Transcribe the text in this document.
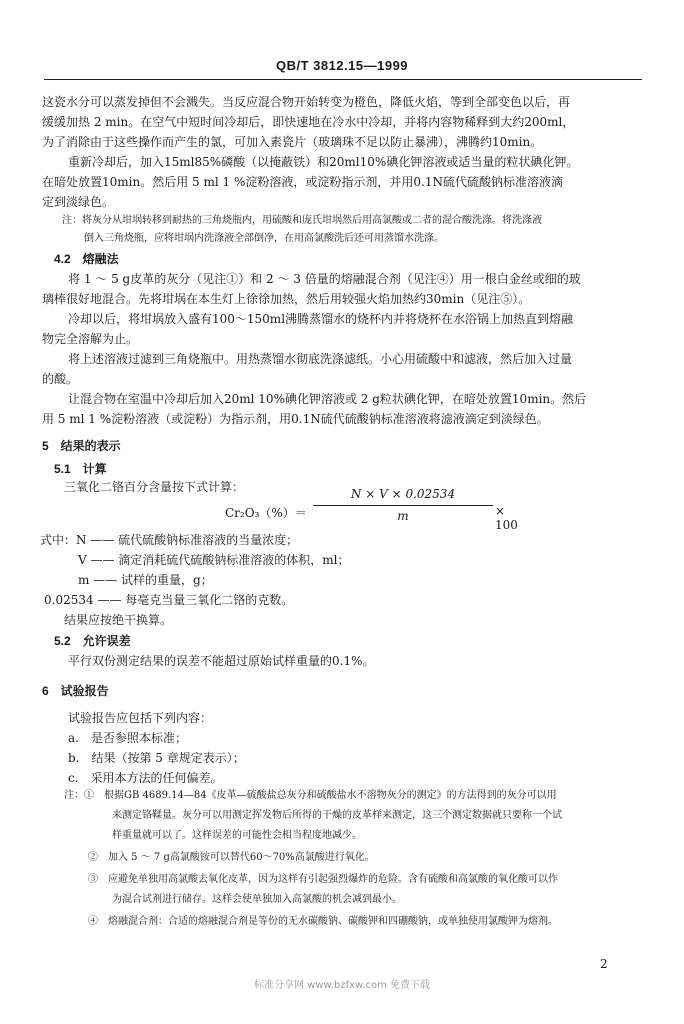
QB/T 3812.15—1999
这瓷水分可以蒸发掉但不会溅失。当反应混合物开始转变为橙色，降低火焰，等到全部变色以后，再
缓缓加热 2 min。在空气中短时间冷却后，即快速地在冷水中冷却，并将内容物稀释到大约200ml，
为了消除由于这些操作而产生的氯，可加入素瓷片（玻璃珠不足以防止暴沸），沸腾约10min。
重新冷却后，加入15ml85%磷酸（以掩蔽铁）和20ml10%碘化钾溶液或适当量的粒状碘化钾。
在暗处放置10min。然后用 5 ml 1 %淀粉溶液，或淀粉指示剂，并用0.1N硫代硫酸钠标准溶液滴
定到淡绿色。
注：将灰分从坩埚转移到耐热的三角烧瓶内，用硫酸和庞氏坩埚然后用高氯酸或二者的混合酸洗涤。将洗涤液
倒入三角烧瓶，应将坩埚内洗涤液全部倒净，在用高氯酸洗后还可用蒸馏水洗涤。
4.2　熔融法
将 1 ～ 5 g皮革的灰分（见注①）和 2 ～ 3 倍量的熔融混合剂（见注④）用一根白金丝或细的玻
璃棒很好地混合。先将坩埚在本生灯上徐徐加热，然后用较强火焰加热约30min（见注⑤）。
冷却以后，将坩埚放入盛有100～150ml沸腾蒸馏水的烧杯内并将烧杯在水浴锅上加热直到熔融
物完全溶解为止。
将上述溶液过滤到三角烧瓶中。用热蒸馏水彻底洗涤滤纸。小心用硫酸中和滤液，然后加入过量
的酸。
让混合物在室温中冷却后加入20ml 10%碘化钾溶液或 2 g粒状碘化钾，在暗处放置10min。然后
用 5 ml 1 %淀粉溶液（或淀粉）为指示剂，用0.1N硫代硫酸钠标准溶液将滤液滴定到淡绿色。
5　结果的表示
5.1　计算
三氧化二铬百分含量按下式计算：
Cr₂O₃（%）＝
N × V × 0.02534
m	× 100
式中：N —— 硫代硫酸钠标准溶液的当量浓度；
V —— 滴定消耗硫代硫酸钠标准溶液的体积，ml；
m —— 试样的重量，g；
0.02534 —— 每毫克当量三氧化二铬的克数。
结果应按绝干换算。
5.2　允许误差
平行双份测定结果的误差不能超过原始试样重量的0.1%。
6　试验报告
试验报告应包括下列内容：
a.　是否参照本标准；
b.　结果（按第 5 章规定表示）；
c.　采用本方法的任何偏差。
注：①　根据GB 4689.14—84《皮革—硫酸盐总灰分和硫酸盐水不溶物灰分的测定》的方法得到的灰分可以用
来测定铬鞣量。灰分可以用测定挥发物后所得的干燥的皮革样来测定，这三个测定数据就只要称一个试
样重量就可以了。这样误差的可能性会相当程度地减少。
②　加入 5 ～ 7 g高氯酸铵可以替代60～70%高氯酸进行氧化。
③　应避免单独用高氯酸去氧化皮革，因为这样有引起强烈爆炸的危险。含有硫酸和高氯酸的氧化酸可以作
为混合试剂进行储存。这样会使单独加入高氯酸的机会减到最小。
④　熔融混合剂：合适的熔融混合剂是等份的无水碳酸钠、碳酸钾和四硼酸钠，或单独使用氯酸钾为熔剂。
2
标准分享网 www.bzfxw.com 免费下载
